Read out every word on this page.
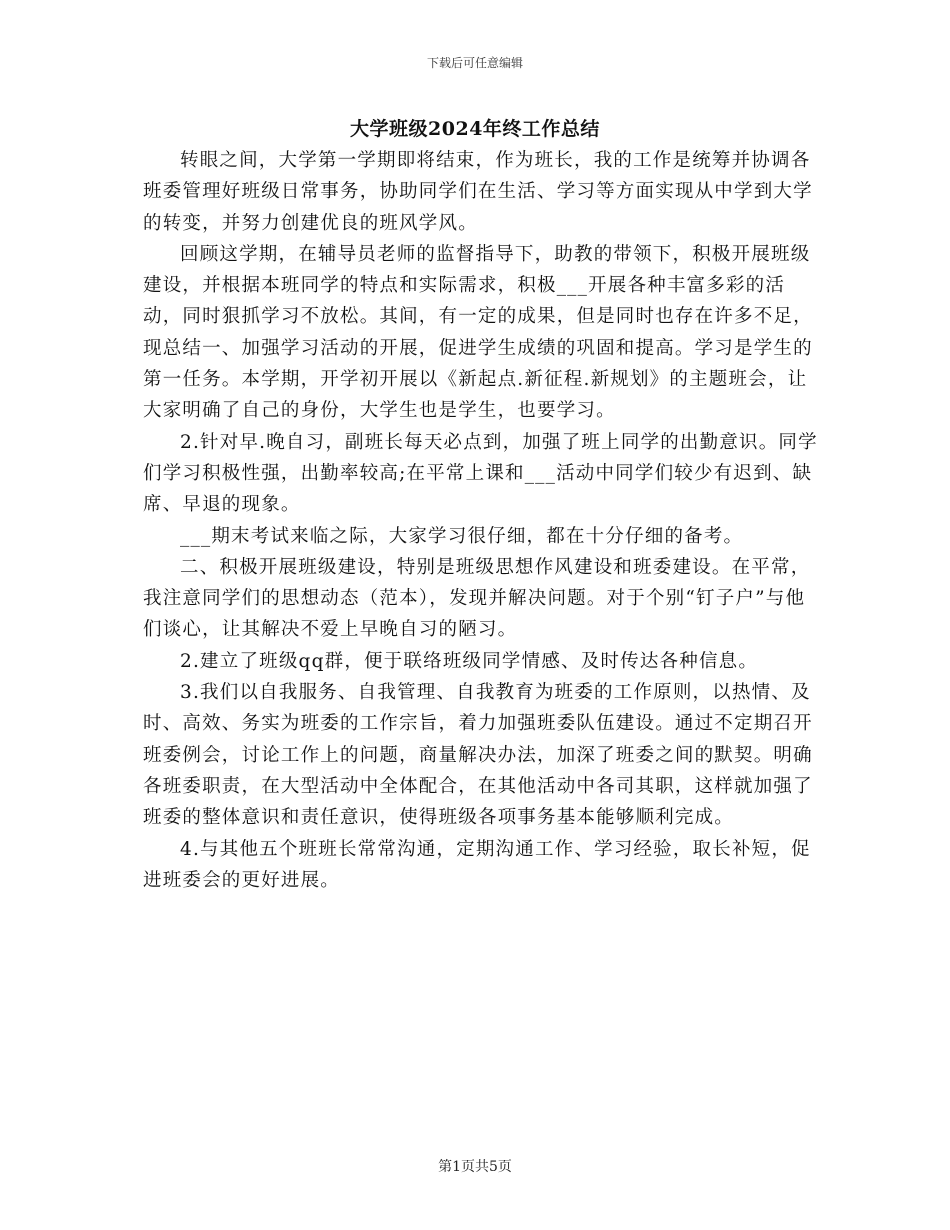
下载后可任意编辑
大学班级2024年终工作总结

转眼之间，大学第一学期即将结束，作为班长，我的工作是统筹并协调各班委管理好班级日常事务，协助同学们在生活、学习等方面实现从中学到大学的转变，并努力创建优良的班风学风。

回顾这学期，在辅导员老师的监督指导下，助教的带领下，积极开展班级建设，并根据本班同学的特点和实际需求，积极___开展各种丰富多彩的活动，同时狠抓学习不放松。其间，有一定的成果，但是同时也存在许多不足，现总结一、加强学习活动的开展，促进学生成绩的巩固和提高。学习是学生的第一任务。本学期，开学初开展以《新起点.新征程.新规划》的主题班会，让大家明确了自己的身份，大学生也是学生，也要学习。

2.针对早.晚自习，副班长每天必点到，加强了班上同学的出勤意识。同学们学习积极性强，出勤率较高;在平常上课和___活动中同学们较少有迟到、缺席、早退的现象。

___期末考试来临之际，大家学习很仔细，都在十分仔细的备考。

二、积极开展班级建设，特别是班级思想作风建设和班委建设。在平常，我注意同学们的思想动态（范本），发现并解决问题。对于个别“钉子户”与他们谈心，让其解决不爱上早晚自习的陋习。

2.建立了班级qq群，便于联络班级同学情感、及时传达各种信息。

3.我们以自我服务、自我管理、自我教育为班委的工作原则，以热情、及时、高效、务实为班委的工作宗旨，着力加强班委队伍建设。通过不定期召开班委例会，讨论工作上的问题，商量解决办法，加深了班委之间的默契。明确各班委职责，在大型活动中全体配合，在其他活动中各司其职，这样就加强了班委的整体意识和责任意识，使得班级各项事务基本能够顺利完成。

4.与其他五个班班长常常沟通，定期沟通工作、学习经验，取长补短，促进班委会的更好进展。

第1页共5页
